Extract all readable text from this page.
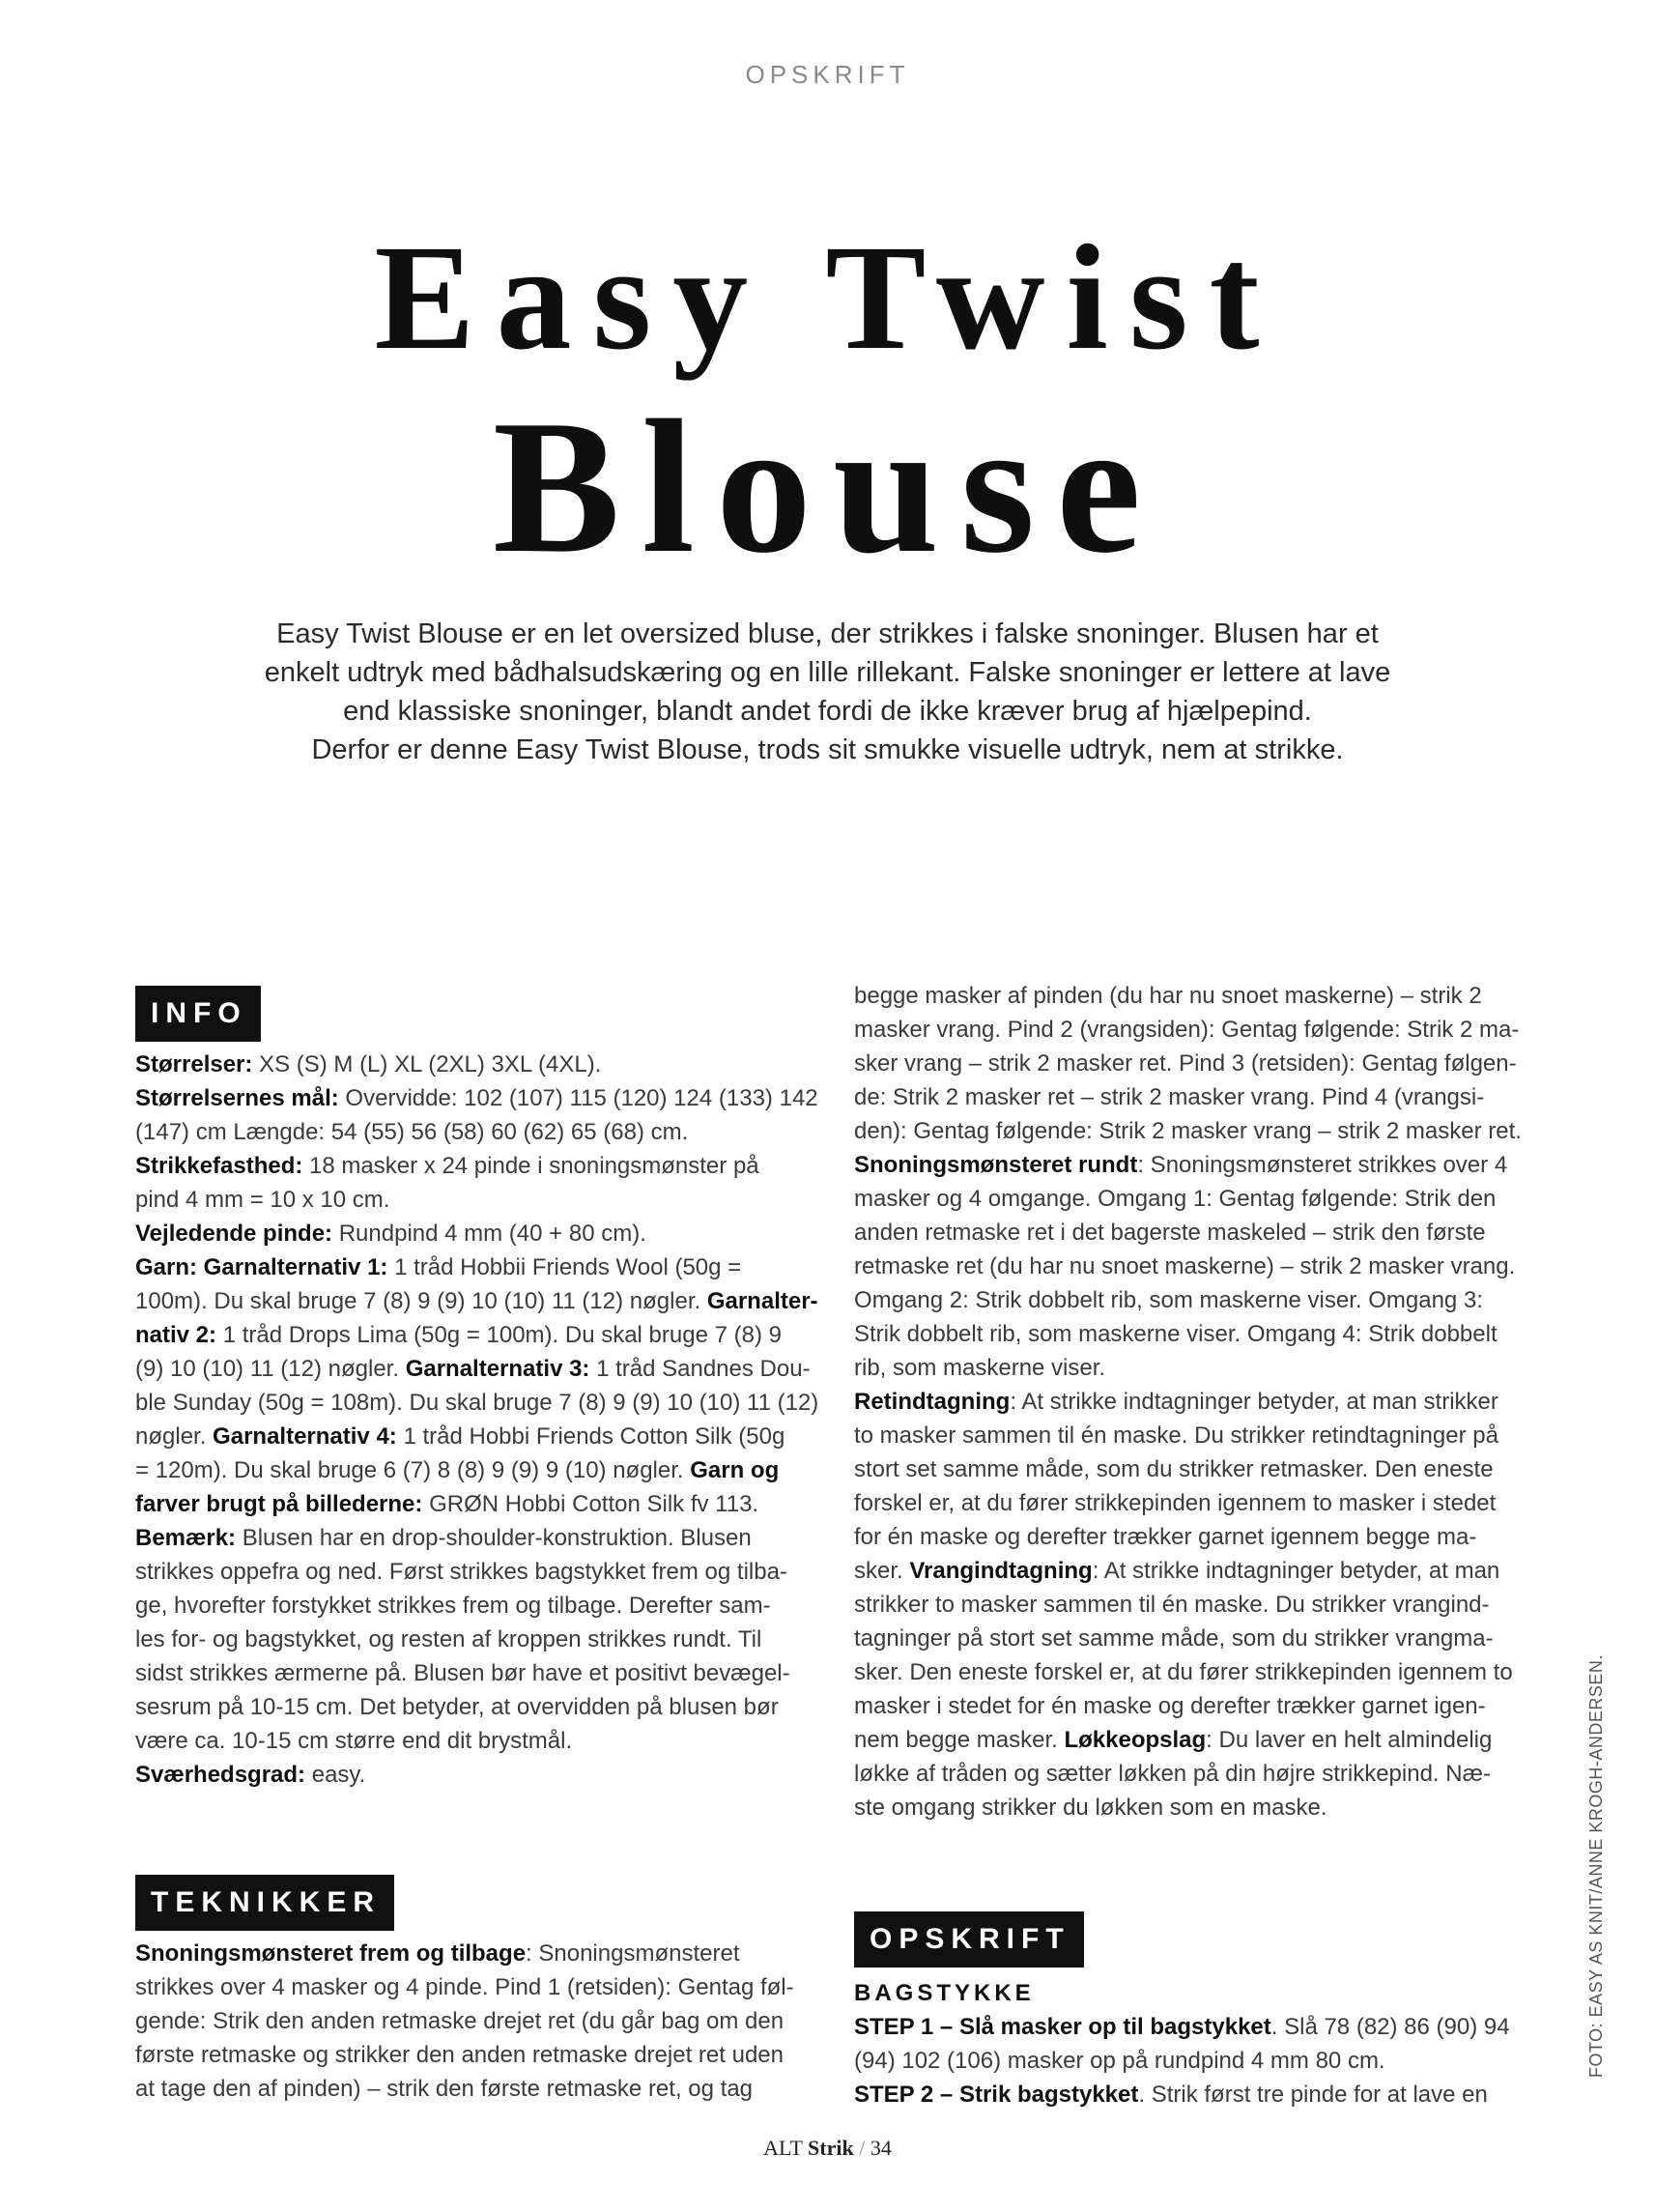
OPSKRIFT
Easy Twist
Blouse
Easy Twist Blouse er en let oversized bluse, der strikkes i falske snoninger. Blusen har et
enkelt udtryk med bådhalsudskæring og en lille rillekant. Falske snoninger er lettere at lave
end klassiske snoninger, blandt andet fordi de ikke kræver brug af hjælpepind.
Derfor er denne Easy Twist Blouse, trods sit smukke visuelle udtryk, nem at strikke.
INFO
Størrelser: XS (S) M (L) XL (2XL) 3XL (4XL).
Størrelsernes mål: Overvidde: 102 (107) 115 (120) 124 (133) 142
(147) cm Længde: 54 (55) 56 (58) 60 (62) 65 (68) cm.
Strikkefasthed: 18 masker x 24 pinde i snoningsmønster på
pind 4 mm = 10 x 10 cm.
Vejledende pinde: Rundpind 4 mm (40 + 80 cm).
Garn: Garnalternativ 1: 1 tråd Hobbii Friends Wool (50g =
100m). Du skal bruge 7 (8) 9 (9) 10 (10) 11 (12) nøgler. Garnalter-
nativ 2: 1 tråd Drops Lima (50g = 100m). Du skal bruge 7 (8) 9
(9) 10 (10) 11 (12) nøgler. Garnalternativ 3: 1 tråd Sandnes Dou-
ble Sunday (50g = 108m). Du skal bruge 7 (8) 9 (9) 10 (10) 11 (12)
nøgler. Garnalternativ 4: 1 tråd Hobbi Friends Cotton Silk (50g
= 120m). Du skal bruge 6 (7) 8 (8) 9 (9) 9 (10) nøgler. Garn og
farver brugt på billederne: GRØN Hobbi Cotton Silk fv 113.
Bemærk: Blusen har en drop-shoulder-konstruktion. Blusen
strikkes oppefra og ned. Først strikkes bagstykket frem og tilba-
ge, hvorefter forstykket strikkes frem og tilbage. Derefter sam-
les for- og bagstykket, og resten af kroppen strikkes rundt. Til
sidst strikkes ærmerne på. Blusen bør have et positivt bevægel-
sesrum på 10-15 cm. Det betyder, at overvidden på blusen bør
være ca. 10-15 cm større end dit brystmål.
Sværhedsgrad: easy.
TEKNIKKER
Snoningsmønsteret frem og tilbage: Snoningsmønsteret
strikkes over 4 masker og 4 pinde. Pind 1 (retsiden): Gentag føl-
gende: Strik den anden retmaske drejet ret (du går bag om den
første retmaske og strikker den anden retmaske drejet ret uden
at tage den af pinden) – strik den første retmaske ret, og tag
begge masker af pinden (du har nu snoet maskerne) – strik 2
masker vrang. Pind 2 (vrangsiden): Gentag følgende: Strik 2 ma-
sker vrang – strik 2 masker ret. Pind 3 (retsiden): Gentag følgen-
de: Strik 2 masker ret – strik 2 masker vrang. Pind 4 (vrangsi-
den): Gentag følgende: Strik 2 masker vrang – strik 2 masker ret.
Snoningsmønsteret rundt: Snoningsmønsteret strikkes over 4
masker og 4 omgange. Omgang 1: Gentag følgende: Strik den
anden retmaske ret i det bagerste maskeled – strik den første
retmaske ret (du har nu snoet maskerne) – strik 2 masker vrang.
Omgang 2: Strik dobbelt rib, som maskerne viser. Omgang 3:
Strik dobbelt rib, som maskerne viser. Omgang 4: Strik dobbelt
rib, som maskerne viser.
Retindtagning: At strikke indtagninger betyder, at man strikker
to masker sammen til én maske. Du strikker retindtagninger på
stort set samme måde, som du strikker retmasker. Den eneste
forskel er, at du fører strikkepinden igennem to masker i stedet
for én maske og derefter trækker garnet igennem begge ma-
sker. Vrangindtagning: At strikke indtagninger betyder, at man
strikker to masker sammen til én maske. Du strikker vrangind-
tagninger på stort set samme måde, som du strikker vrangma-
sker. Den eneste forskel er, at du fører strikkepinden igennem to
masker i stedet for én maske og derefter trækker garnet igen-
nem begge masker. Løkkeopslag: Du laver en helt almindelig
løkke af tråden og sætter løkken på din højre strikkepind. Næ-
ste omgang strikker du løkken som en maske.
OPSKRIFT
BAGSTYKKE
STEP 1 – Slå masker op til bagstykket. Slå 78 (82) 86 (90) 94
(94) 102 (106) masker op på rundpind 4 mm 80 cm.
STEP 2 – Strik bagstykket. Strik først tre pinde for at lave en
FOTO: EASY AS KNIT/ANNE KROGH-ANDERSEN.
ALT Strik / 34
